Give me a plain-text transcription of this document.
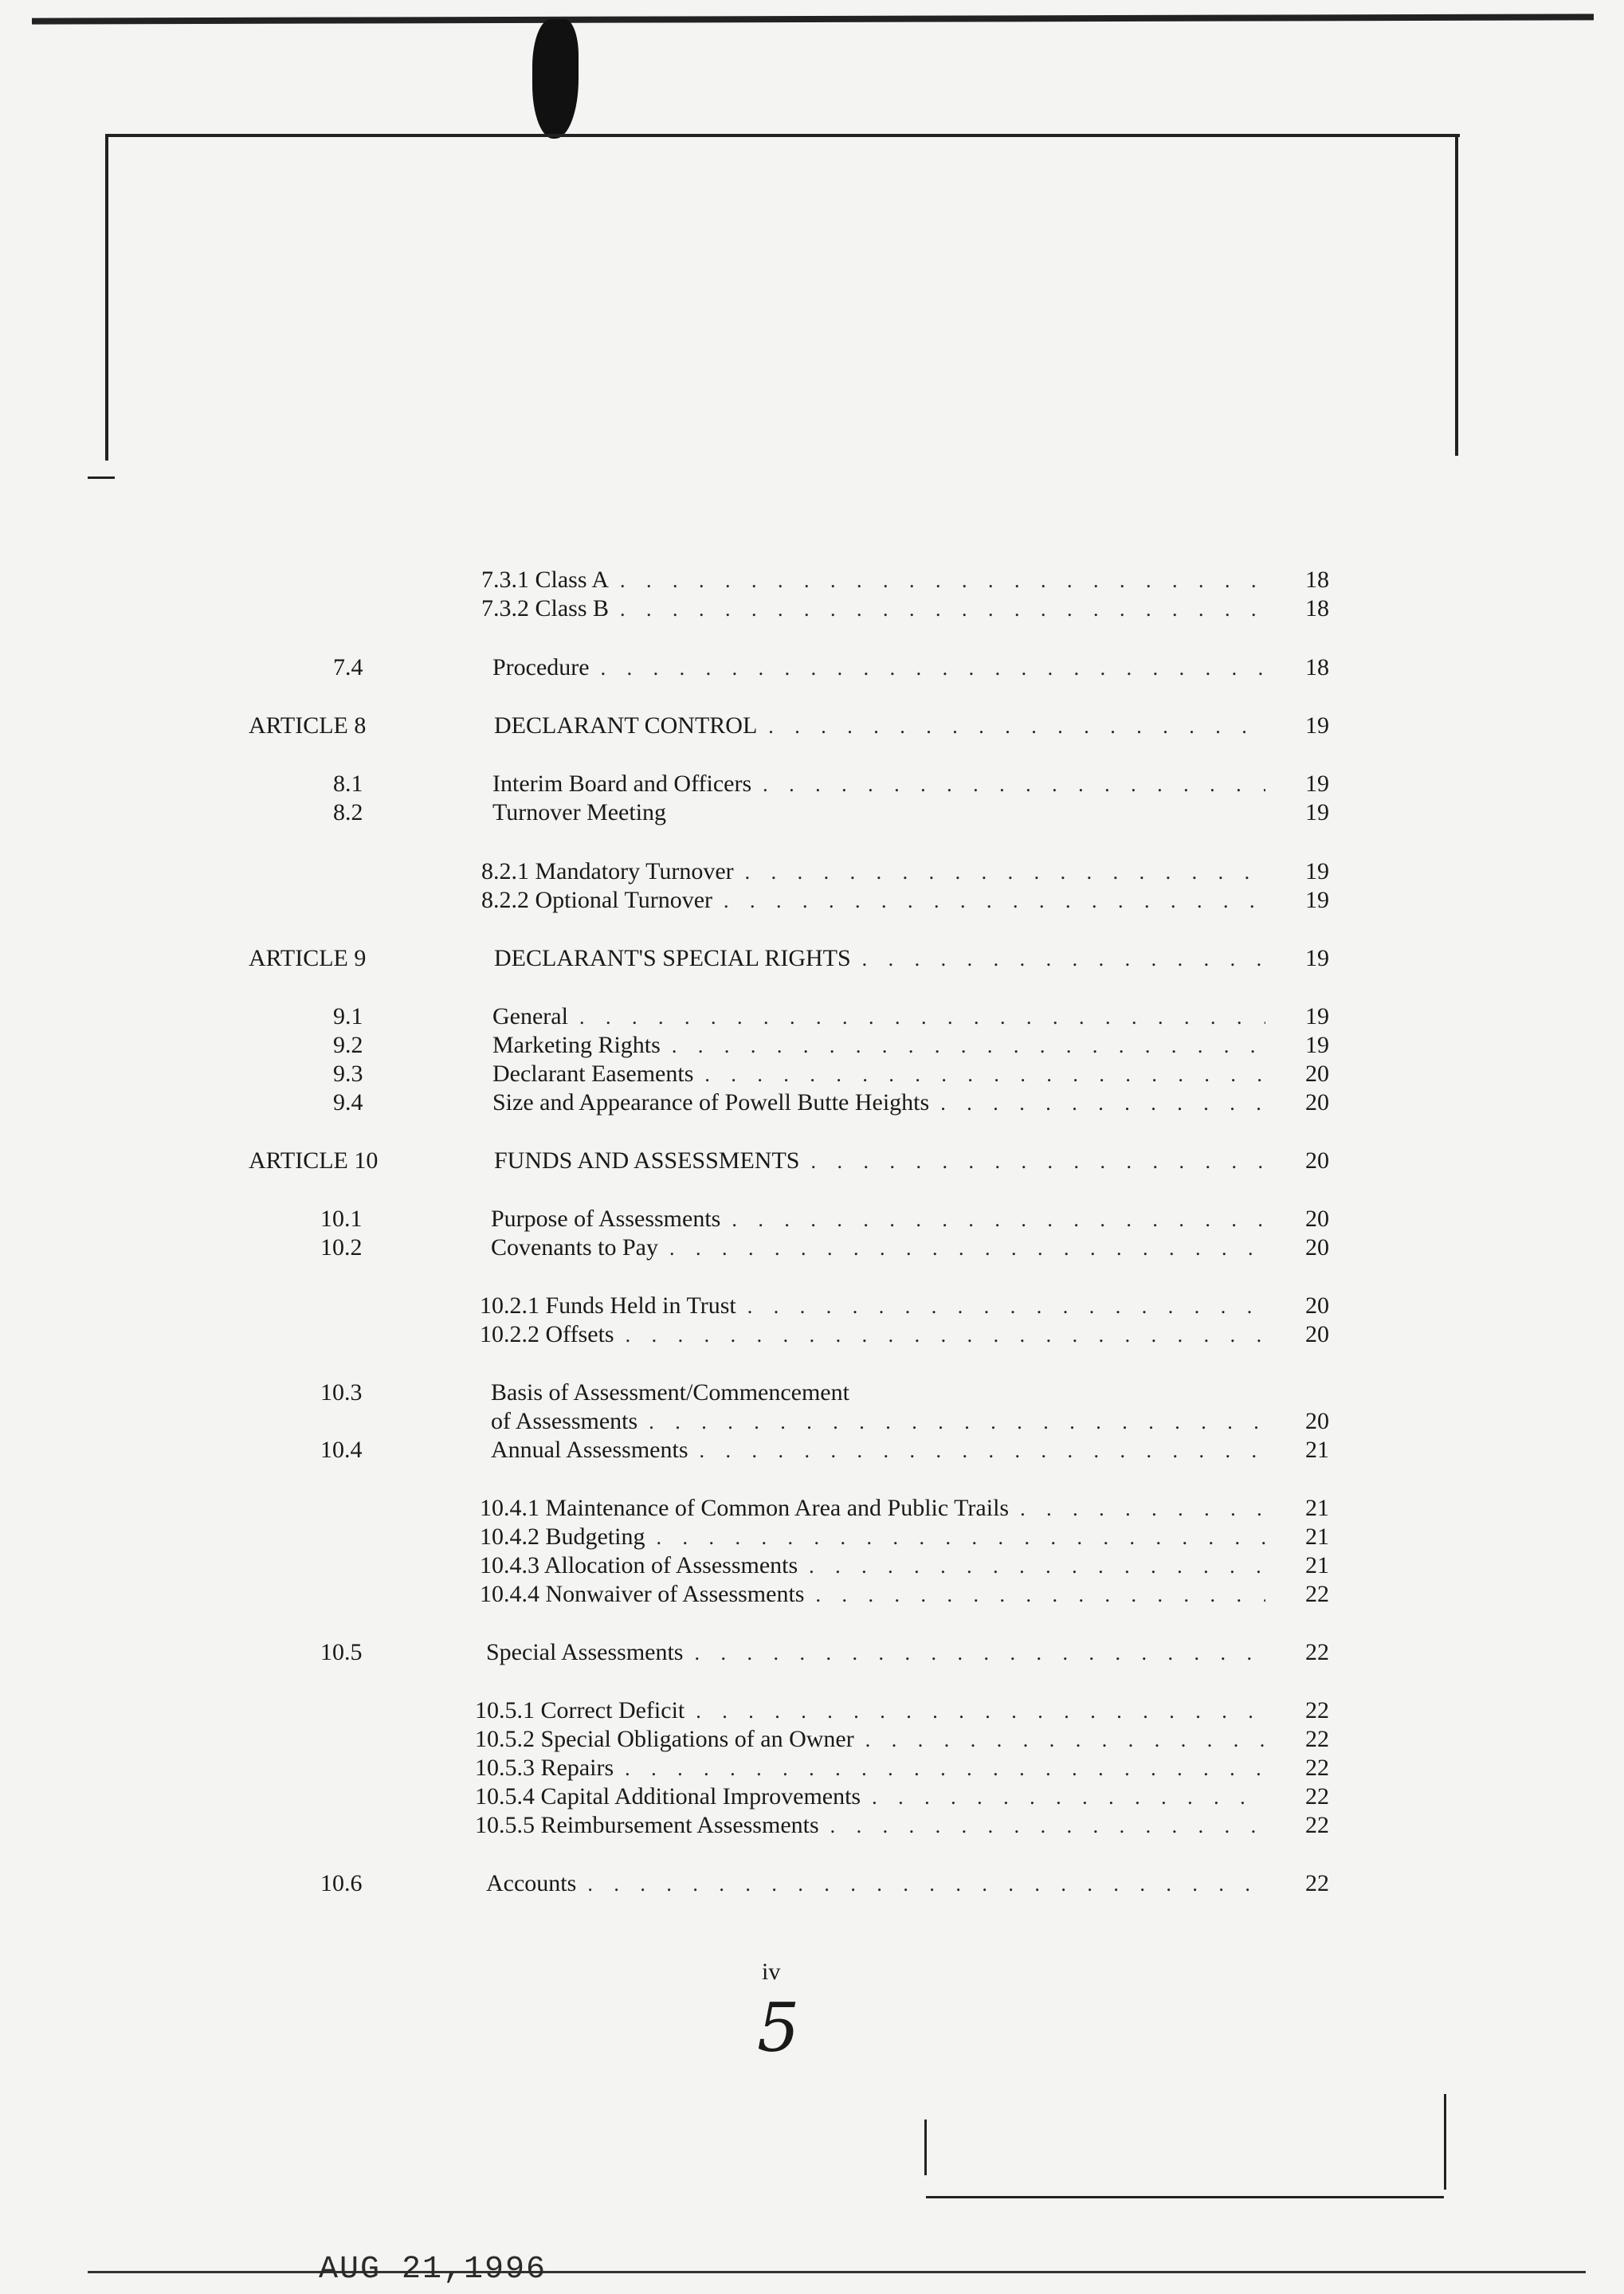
7.3.1 Class A . . .	18
7.3.2 Class B . . .	18
7.4	Procedure . . .	18
ARTICLE 8	DECLARANT CONTROL . . .	19
8.1	Interim Board and Officers . . .	19
8.2	Turnover Meeting	19
8.2.1 Mandatory Turnover . . .	19
8.2.2 Optional Turnover . . .	19
ARTICLE 9	DECLARANT'S SPECIAL RIGHTS . . .	19
9.1	General . . .	19
9.2	Marketing Rights . . .	19
9.3	Declarant Easements . . .	20
9.4	Size and Appearance of Powell Butte Heights . . .	20
ARTICLE 10	FUNDS AND ASSESSMENTS . . .	20
10.1	Purpose of Assessments . . .	20
10.2	Covenants to Pay . . .	20
10.2.1 Funds Held in Trust . . .	20
10.2.2 Offsets . . .	20
10.3	Basis of Assessment/Commencement
of Assessments . . .	20
10.4	Annual Assessments . . .	21
10.4.1 Maintenance of Common Area and Public Trails . . .	21
10.4.2 Budgeting . . .	21
10.4.3 Allocation of Assessments . . .	21
10.4.4 Nonwaiver of Assessments . . .	22
10.5	Special Assessments . . .	22
10.5.1 Correct Deficit . . .	22
10.5.2 Special Obligations of an Owner . . .	22
10.5.3 Repairs . . .	22
10.5.4 Capital Additional Improvements . . .	22
10.5.5 Reimbursement Assessments . . .	22
10.6	Accounts . . .	22
iv
5
AUG 21,1996
